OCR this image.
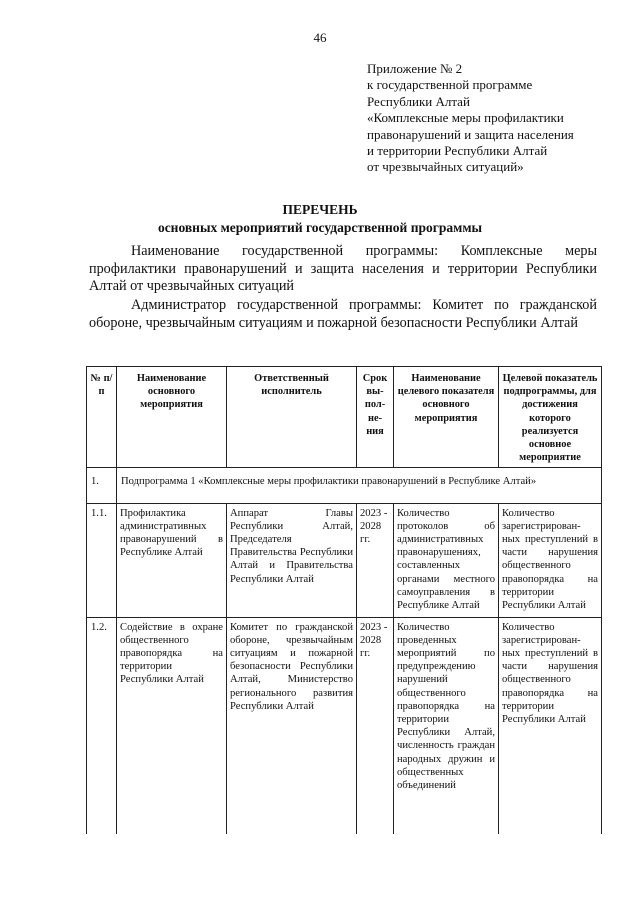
46
Приложение № 2
к государственной программе
Республики Алтай
«Комплексные меры профилактики
правонарушений и защита населения
и территории Республики Алтай
от чрезвычайных ситуаций»
ПЕРЕЧЕНЬ
основных мероприятий государственной программы
Наименование государственной программы: Комплексные меры профилактики правонарушений и защита населения и территории Республики Алтай от чрезвычайных ситуаций
Администратор государственной программы: Комитет по гражданской обороне, чрезвычайным ситуациям и пожарной безопасности Республики Алтай
№ п/п	Наименование основного мероприятия	Ответственный исполнитель	Срок вы-пол-не-ния	Наименование целевого показателя основного мероприятия	Целевой показатель подпрограммы, для достижения которого реализуется основное мероприятие
1.	Подпрограмма 1 «Комплексные меры профилактики правонарушений в Республике Алтай»				
1.1.	Профилактика административных правонарушений в Республике Алтай	Аппарат Главы Республики Алтай, Председателя Правительства Республики Алтай и Правительства Республики Алтай	2023 - 2028 гг.	Количество протоколов об административных правонарушениях, составленных органами местного самоуправления в Республике Алтай	Количество зарегистрирован-ных преступлений в части нарушения общественного правопорядка на территории Республики Алтай
1.2.	Содействие в охране общественного правопорядка на территории Республики Алтай	Комитет по гражданской обороне, чрезвычайным ситуациям и пожарной безопасности Республики Алтай, Министерство регионального развития Республики Алтай	2023 - 2028 гг.	Количество проведенных мероприятий по предупреждению нарушений общественного правопорядка на территории Республики Алтай, численность граждан народных дружин и общественных объединений	Количество зарегистрирован-ных преступлений в части нарушения общественного правопорядка на территории Республики Алтай
